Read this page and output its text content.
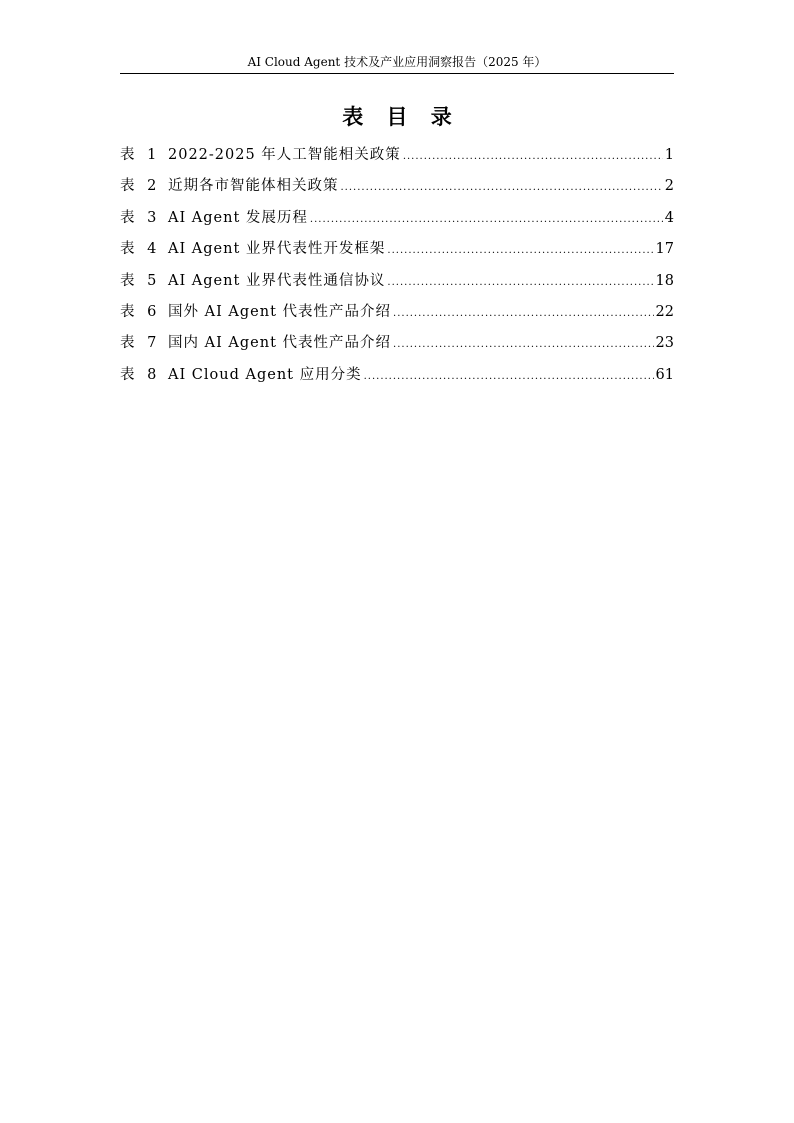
AI Cloud Agent 技术及产业应用洞察报告（2025 年）
表 目 录
表 1 2022-2025 年人工智能相关政策 .....	1
表 2 近期各市智能体相关政策 .....	2
表 3 AI Agent 发展历程 .....	4
表 4 AI Agent 业界代表性开发框架 .....	17
表 5 AI Agent 业界代表性通信协议 .....	18
表 6 国外 AI Agent 代表性产品介绍 .....	22
表 7 国内 AI Agent 代表性产品介绍 .....	23
表 8 AI Cloud Agent 应用分类 .....	61
